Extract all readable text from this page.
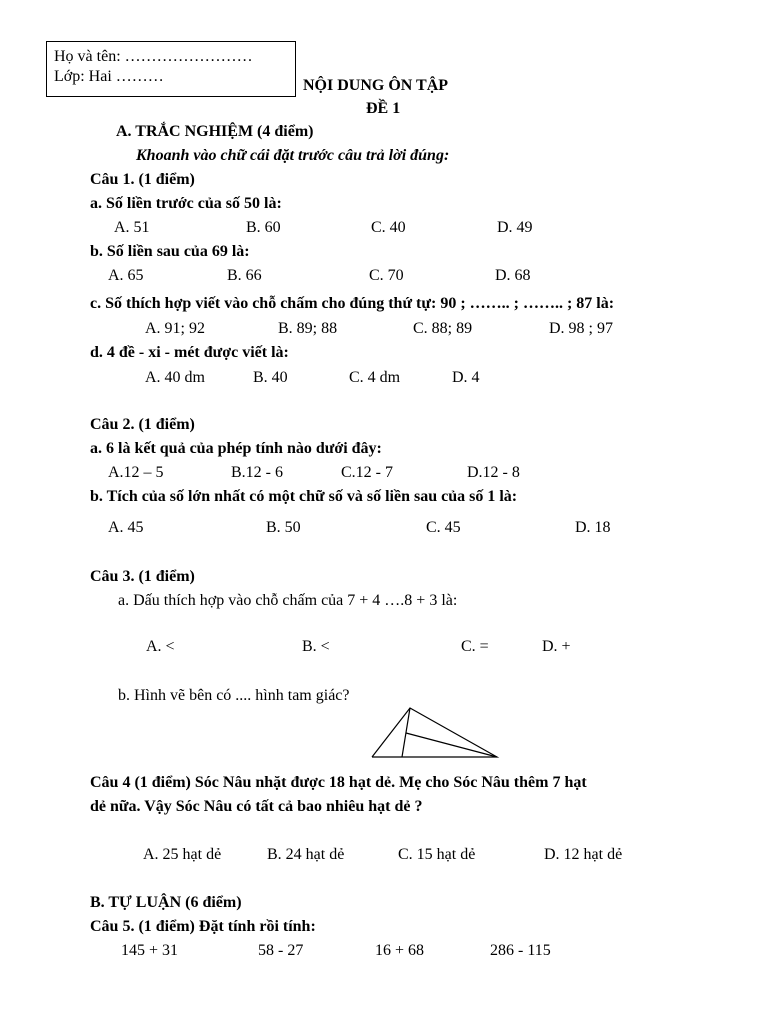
Họ và tên: ……………………
Lớp: Hai ………
NỘI DUNG ÔN TẬP
ĐỀ 1
A. TRẮC NGHIỆM (4 điểm)
Khoanh vào chữ cái đặt trước câu trả lời đúng:
Câu 1. (1 điểm)
a. Số liền trước của số 50 là:
A. 51	B. 60	C. 40	D. 49
b. Số liền sau của 69 là:
A. 65	B. 66	C. 70	D. 68
c. Số thích hợp viết vào chỗ chấm cho đúng thứ tự: 90 ; …….. ; …….. ; 87 là:
A. 91; 92	B. 89; 88	C. 88; 89	D. 98 ; 97
d. 4 đề - xi - mét được viết là:
A. 40 dm	B. 40	C. 4 dm	D. 4
Câu 2. (1 điểm)
a. 6 là kết quả của phép tính nào dưới đây:
A.12 – 5	B.12 - 6	C.12 - 7	D.12 - 8
b. Tích của số lớn nhất có một chữ số và số liền sau của số 1 là:
A. 45	B. 50	C. 45	D. 18
Câu 3. (1 điểm)
a. Dấu thích hợp vào chỗ chấm của 7 + 4 ….8 + 3 là:
A. <	B. <	C. =	D. +
b. Hình vẽ bên có .... hình tam giác?
Câu 4 (1 điểm) Sóc Nâu nhặt được 18 hạt dẻ. Mẹ cho Sóc Nâu thêm 7 hạt
dẻ nữa. Vậy Sóc Nâu có tất cả bao nhiêu hạt dẻ ?
A. 25 hạt dẻ	B. 24 hạt dẻ	C. 15 hạt dẻ	D. 12 hạt dẻ
B. TỰ LUẬN (6 điểm)
Câu 5. (1 điểm) Đặt tính rồi tính:
145 + 31	58 - 27	16 + 68	286 - 115
